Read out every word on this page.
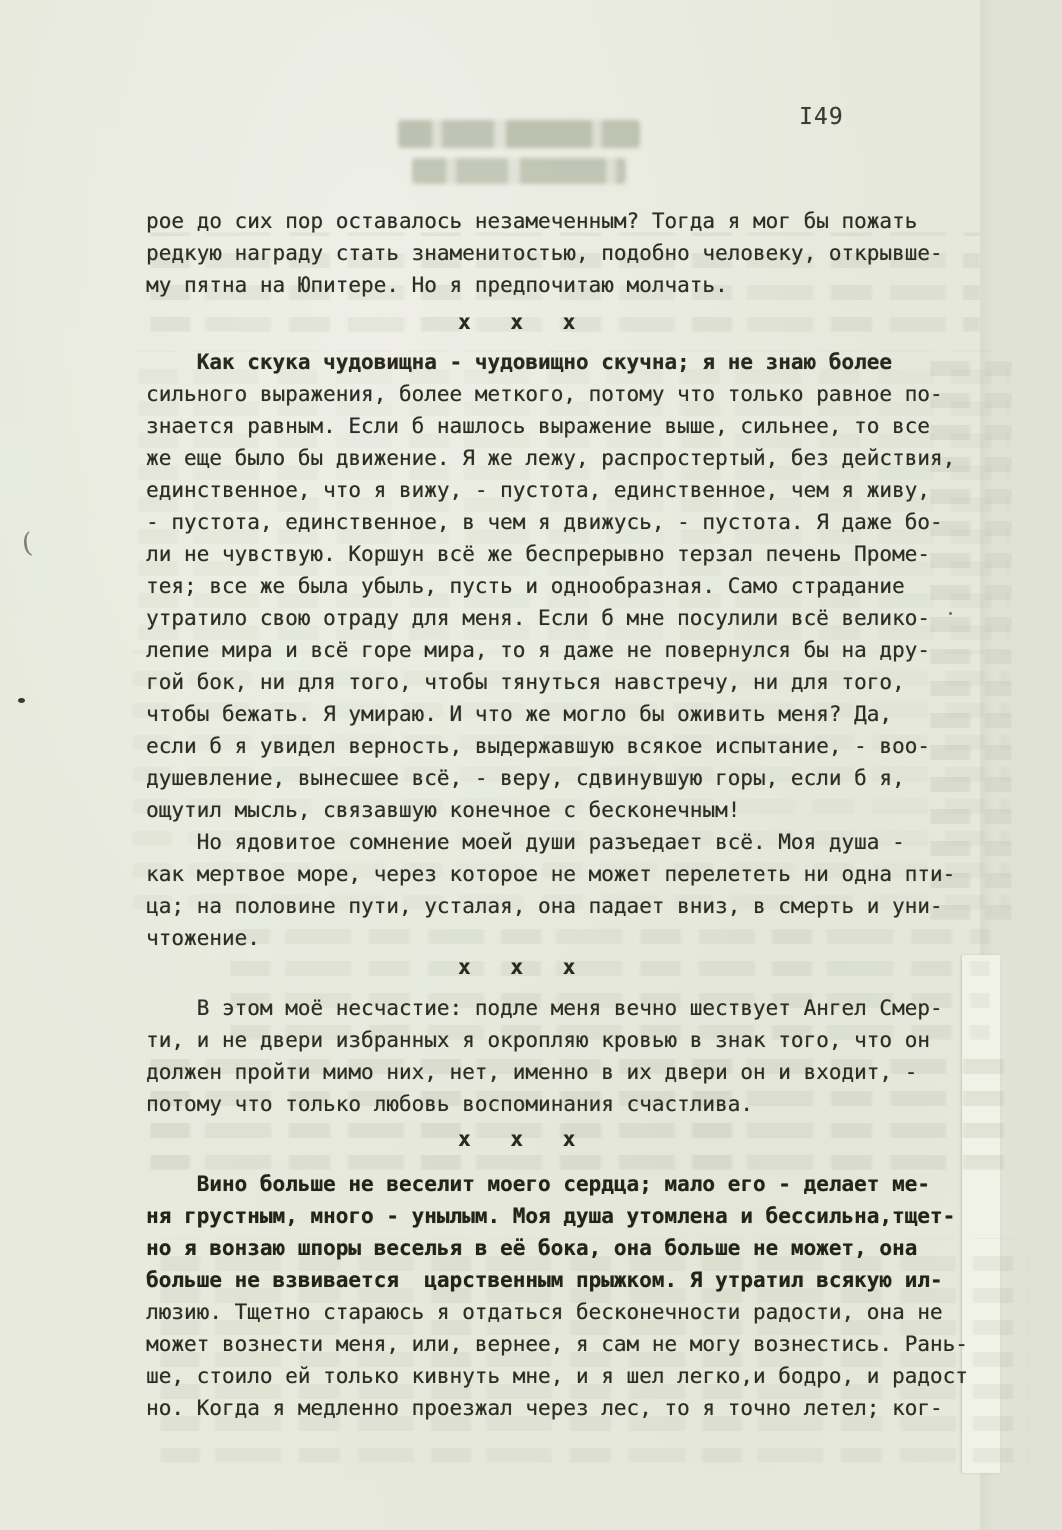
(
I49
рое до сих пор оставалось незамеченным? Тогда я мог бы пожать
редкую награду стать знаменитостью, подобно человеку, открывше-
му пятна на Юпитере. Но я предпочитаю молчать.
x x x
Как скука чудовищна - чудовищно скучна; я не знаю более
сильного выражения, более меткого, потому что только равное по-
знается равным. Если б нашлось выражение выше, сильнее, то все
же еще было бы движение. Я же лежу, распростертый, без действия,
единственное, что я вижу, - пустота, единственное, чем я живу,
- пустота, единственное, в чем я движусь, - пустота. Я даже бо-
ли не чувствую. Коршун всё же беспрерывно терзал печень Проме-
тея; все же была убыль, пусть и однообразная. Само страдание
утратило свою отраду для меня. Если б мне посулили всё велико-
лепие мира и всё горе мира, то я даже не повернулся бы на дру-
гой бок, ни для того, чтобы тянуться навстречу, ни для того,
чтобы бежать. Я умираю. И что же могло бы оживить меня? Да,
если б я увидел верность, выдержавшую всякое испытание, - воо-
душевление, вынесшее всё, - веру, сдвинувшую горы, если б я,
ощутил мысль, связавшую конечное с бесконечным!
Но ядовитое сомнение моей души разъедает всё. Моя душа -
как мертвое море, через которое не может перелететь ни одна пти-
ца; на половине пути, усталая, она падает вниз, в смерть и уни-
чтожение.
x x x
В этом моё несчастие: подле меня вечно шествует Ангел Смер-
ти, и не двери избранных я окропляю кровью в знак того, что он
должен пройти мимо них, нет, именно в их двери он и входит, -
потому что только любовь воспоминания счастлива.
x x x
Вино больше не веселит моего сердца; мало его - делает ме-
ня грустным, много - унылым. Моя душа утомлена и бессильна,тщет-
но я вонзаю шпоры веселья в её бока, она больше не может, она
больше не взвивается  царственным прыжком. Я утратил всякую ил-
люзию. Тщетно стараюсь я отдаться бесконечности радости, она не
может вознести меня, или, вернее, я сам не могу вознестись. Рань-
ше, стоило ей только кивнуть мне, и я шел легко,и бодро, и радост
но. Когда я медленно проезжал через лес, то я точно летел; ког-
